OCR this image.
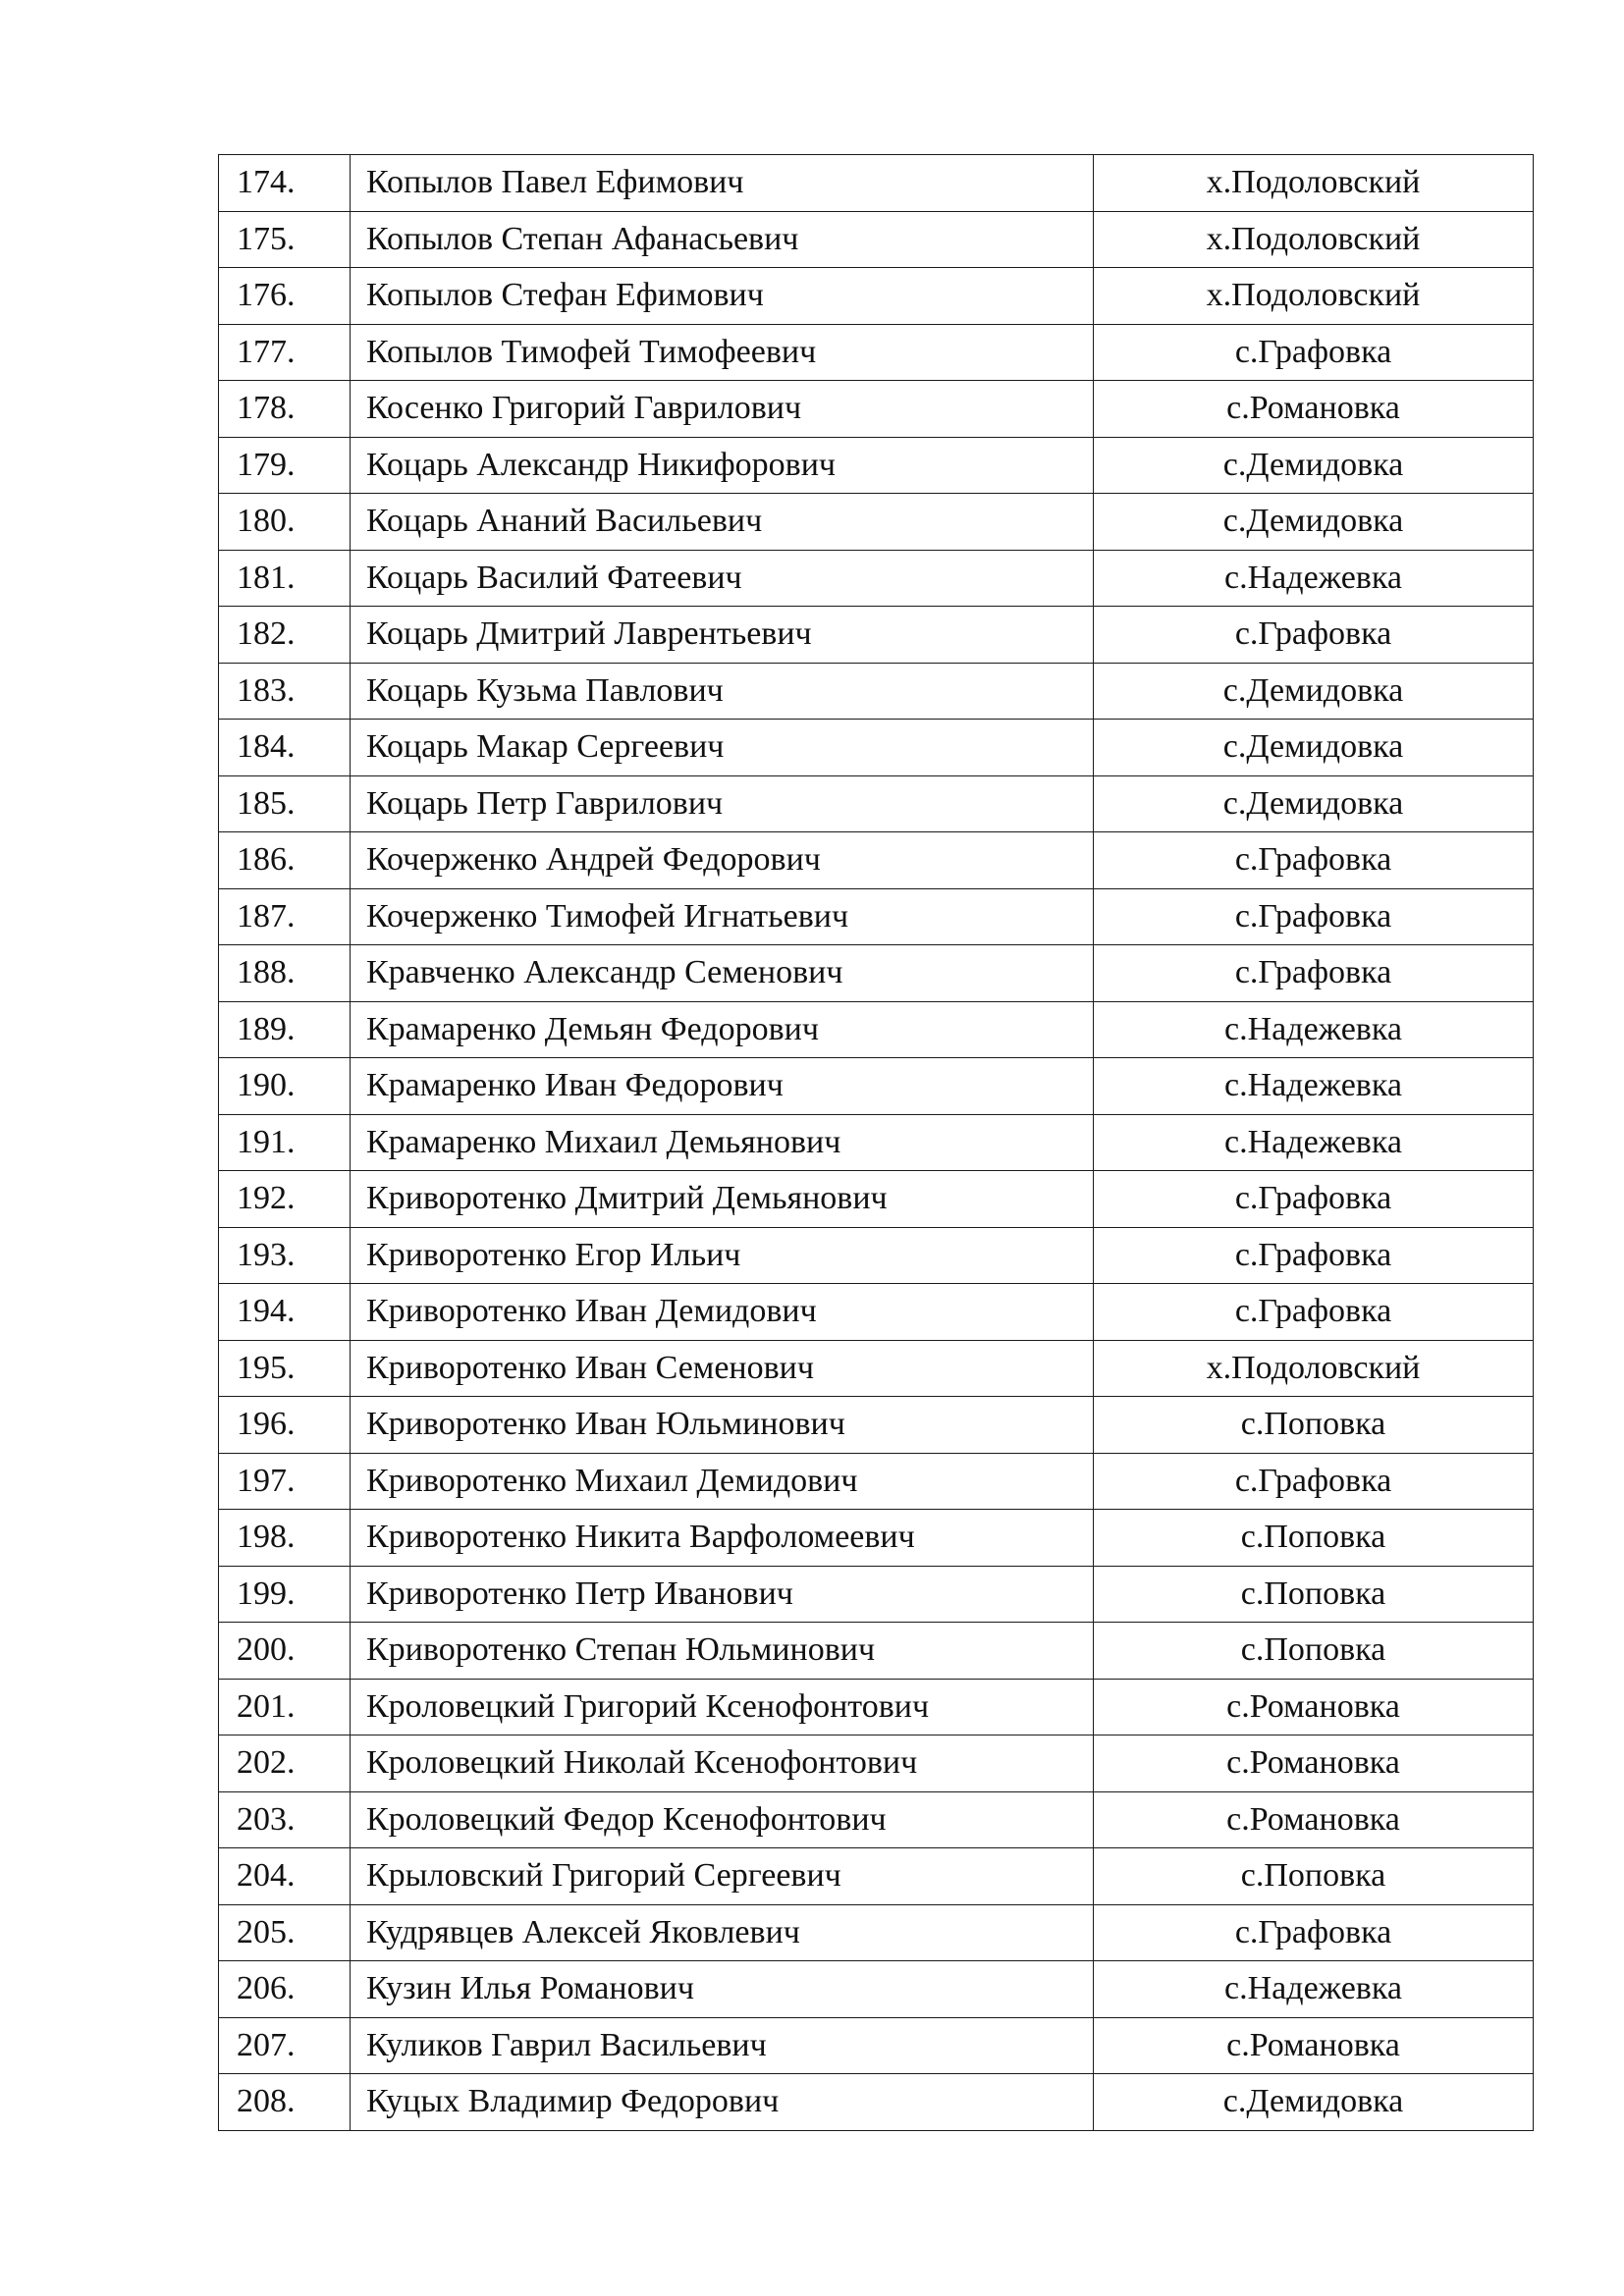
174.	Копылов Павел Ефимович	х.Подоловский
175.	Копылов Степан Афанасьевич	х.Подоловский
176.	Копылов Стефан Ефимович	х.Подоловский
177.	Копылов Тимофей Тимофеевич	с.Графовка
178.	Косенко Григорий Гаврилович	с.Романовка
179.	Коцарь Александр Никифорович	с.Демидовка
180.	Коцарь Ананий Васильевич	с.Демидовка
181.	Коцарь Василий Фатеевич	с.Надежевка
182.	Коцарь Дмитрий Лаврентьевич	с.Графовка
183.	Коцарь Кузьма Павлович	с.Демидовка
184.	Коцарь Макар Сергеевич	с.Демидовка
185.	Коцарь Петр Гаврилович	с.Демидовка
186.	Кочерженко Андрей Федорович	с.Графовка
187.	Кочерженко Тимофей Игнатьевич	с.Графовка
188.	Кравченко Александр Семенович	с.Графовка
189.	Крамаренко Демьян Федорович	с.Надежевка
190.	Крамаренко Иван Федорович	с.Надежевка
191.	Крамаренко Михаил Демьянович	с.Надежевка
192.	Криворотенко Дмитрий Демьянович	с.Графовка
193.	Криворотенко Егор Ильич	с.Графовка
194.	Криворотенко Иван Демидович	с.Графовка
195.	Криворотенко Иван Семенович	х.Подоловский
196.	Криворотенко Иван Юльминович	с.Поповка
197.	Криворотенко Михаил Демидович	с.Графовка
198.	Криворотенко Никита Варфоломеевич	с.Поповка
199.	Криворотенко Петр Иванович	с.Поповка
200.	Криворотенко Степан Юльминович	с.Поповка
201.	Кроловецкий Григорий Ксенофонтович	с.Романовка
202.	Кроловецкий Николай Ксенофонтович	с.Романовка
203.	Кроловецкий Федор Ксенофонтович	с.Романовка
204.	Крыловский Григорий Сергеевич	с.Поповка
205.	Кудрявцев Алексей Яковлевич	с.Графовка
206.	Кузин Илья Романович	с.Надежевка
207.	Куликов Гаврил Васильевич	с.Романовка
208.	Куцых Владимир Федорович	с.Демидовка
